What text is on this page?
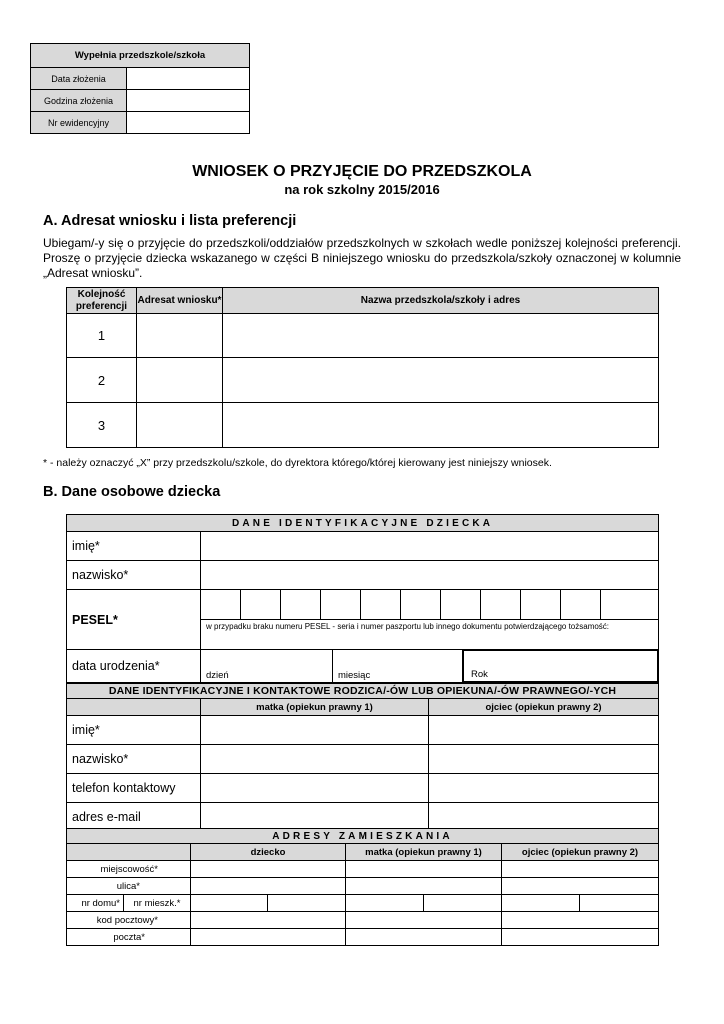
Wypełnia przedszkole/szkoła	
Data złożenia	
Godzina złożenia	
Nr ewidencyjny	
WNIOSEK O PRZYJĘCIE DO PRZEDSZKOLA
na rok szkolny 2015/2016
A. Adresat wniosku i lista preferencji
Ubiegam/-y się o przyjęcie do przedszkoli/oddziałów przedszkolnych w szkołach wedle poniższej kolejności preferencji. Proszę o przyjęcie dziecka wskazanego w części B niniejszego wniosku do przedszkola/szkoły oznaczonej w kolumnie „Adresat wniosku”.
Kolejność preferencji	Adresat wniosku*	Nazwa przedszkola/szkoły i adres
1		
2		
3		
* - należy oznaczyć „X” przy przedszkolu/szkole, do dyrektora którego/której kierowany jest niniejszy wniosek.
B. Dane osobowe dziecka
DANE IDENTYFIKACYJNE DZIECKA											
imię*											
nazwisko*											
PESEL*											
	w przypadku braku numeru PESEL - seria i numer paszportu lub innego dokumentu potwierdzającego tożsamość:										
data urodzenia*	dzień miesiąc Rok										
DANE IDENTYFIKACYJNE I KONTAKTOWE RODZICA/-ÓW LUB OPIEKUNA/-ÓW PRAWNEGO/-YCH		
	matka (opiekun prawny 1)	ojciec (opiekun prawny 2)
imię*		
nazwisko*		
telefon kontaktowy		
adres e-mail		
ADRESY ZAMIESZKANIA							
		dziecko		matka (opiekun prawny 1)		ojciec (opiekun prawny 2)	
miejscowość*							
ulica*							
nr domu*	nr mieszk.*						
kod pocztowy*							
poczta*							
